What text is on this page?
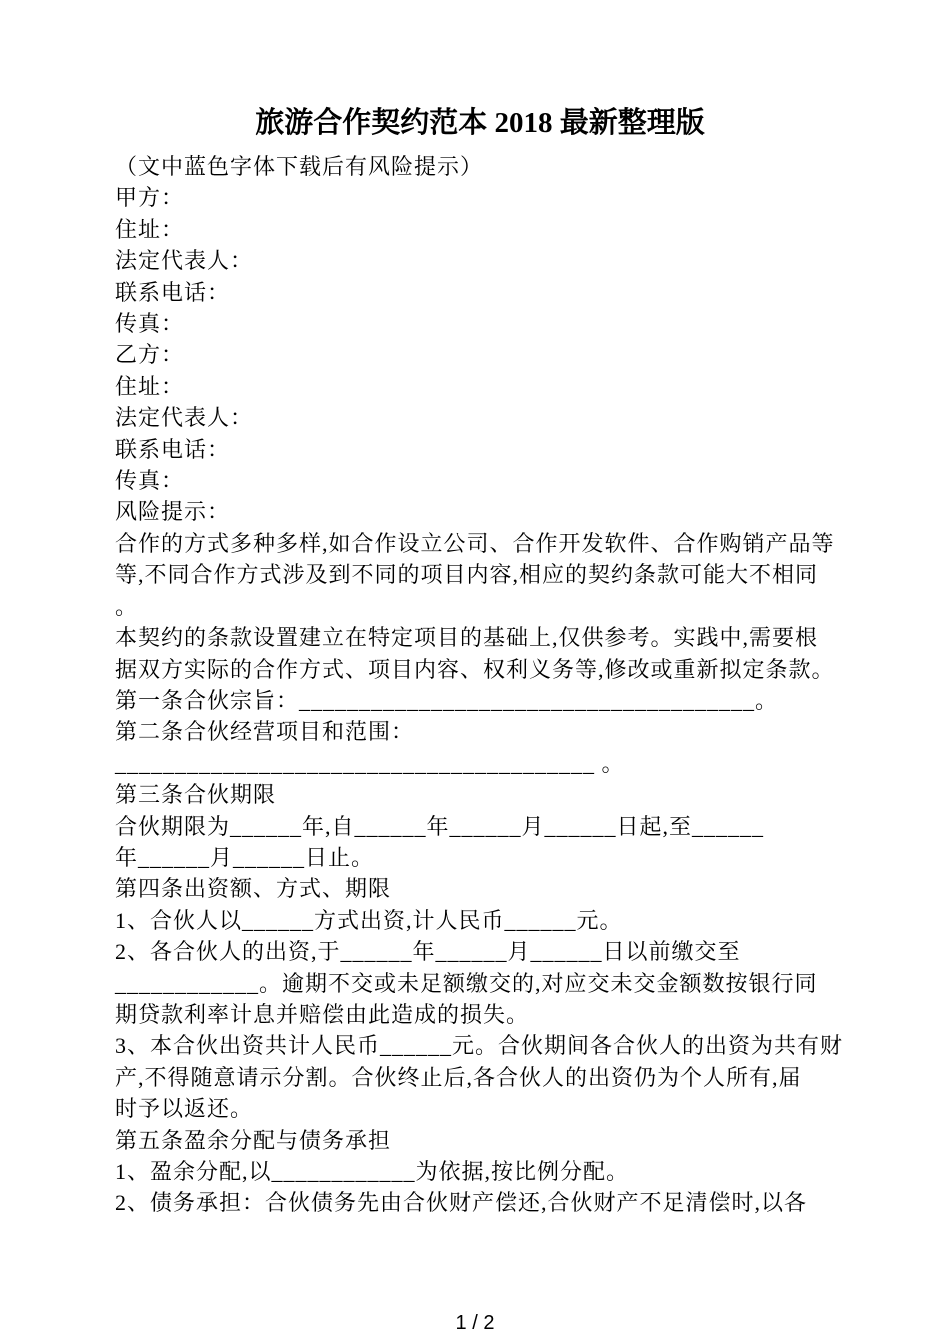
旅游合作契约范本 2018 最新整理版
（文中蓝色字体下载后有风险提示）
甲方：
住址：
法定代表人：
联系电话：
传真：
乙方：
住址：
法定代表人：
联系电话：
传真：
风险提示：
合作的方式多种多样,如合作设立公司、合作开发软件、合作购销产品等
等,不同合作方式涉及到不同的项目内容,相应的契约条款可能大不相同
。
本契约的条款设置建立在特定项目的基础上,仅供参考。实践中,需要根
据双方实际的合作方式、项目内容、权利义务等,修改或重新拟定条款。
第一条合伙宗旨：______________________________________。
第二条合伙经营项目和范围：
________________________________________ 。
第三条合伙期限
合伙期限为______年,自______年______月______日起,至______
年______月______日止。
第四条出资额、方式、期限
1、合伙人以______方式出资,计人民币______元。
2、各合伙人的出资,于______年______月______日以前缴交至
____________。逾期不交或未足额缴交的,对应交未交金额数按银行同
期贷款利率计息并赔偿由此造成的损失。
3、本合伙出资共计人民币______元。合伙期间各合伙人的出资为共有财
产,不得随意请示分割。合伙终止后,各合伙人的出资仍为个人所有,届
时予以返还。
第五条盈余分配与债务承担
1、盈余分配,以____________为依据,按比例分配。
2、债务承担：合伙债务先由合伙财产偿还,合伙财产不足清偿时,以各
1 / 2
